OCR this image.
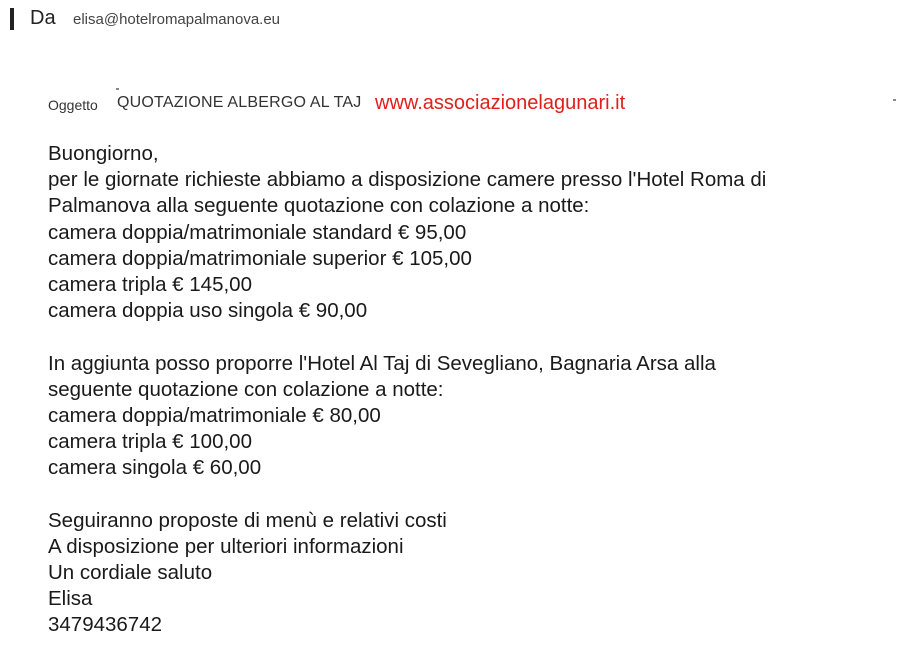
Da elisa@hotelromapalmanova.eu
Oggetto QUOTAZIONE ALBERGO AL TAJ www.associazionelagunari.it
Buongiorno,
per le giornate richieste abbiamo a disposizione camere presso l'Hotel Roma di
Palmanova alla seguente quotazione con colazione a notte:
camera doppia/matrimoniale standard € 95,00
camera doppia/matrimoniale superior € 105,00
camera tripla € 145,00
camera doppia uso singola € 90,00
In aggiunta posso proporre l'Hotel Al Taj di Sevegliano, Bagnaria Arsa alla
seguente quotazione con colazione a notte:
camera doppia/matrimoniale € 80,00
camera tripla € 100,00
camera singola € 60,00
Seguiranno proposte di menù e relativi costi
A disposizione per ulteriori informazioni
Un cordiale saluto
Elisa
3479436742
